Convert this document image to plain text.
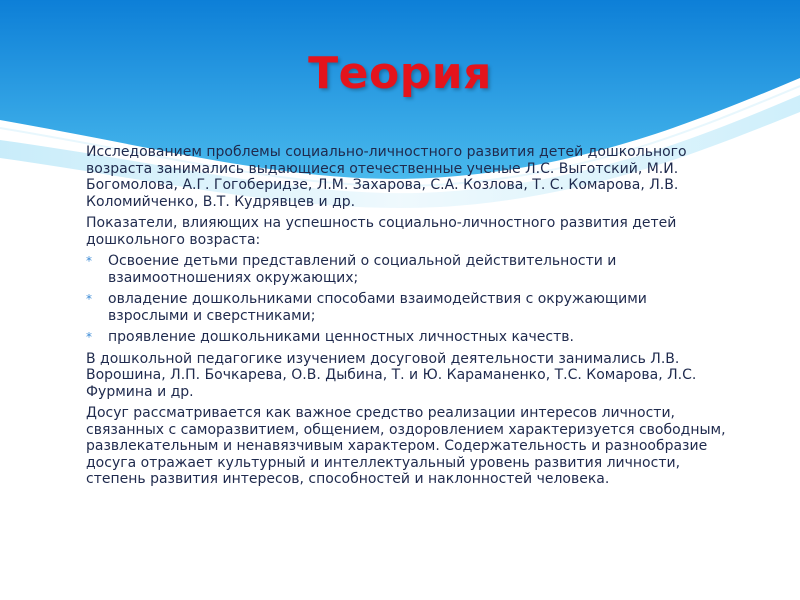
Теория

Исследованием проблемы социально-личностного развития детей дошкольного возраста занимались выдающиеся отечественные ученые Л.С. Выготский, М.И. Богомолова, А.Г. Гогоберидзе, Л.М. Захарова, С.А. Козлова, Т. С. Комарова, Л.В. Коломийченко, В.Т. Кудрявцев и др.

Показатели, влияющих на успешность социально-личностного развития детей дошкольного возраста:

* Освоение детьми представлений о социальной действительности и взаимоотношениях окружающих;
* овладение дошкольниками способами взаимодействия с окружающими взрослыми и сверстниками;
* проявление дошкольниками ценностных личностных качеств.

В дошкольной педагогике изучением досуговой деятельности занимались Л.В. Ворошина, Л.П. Бочкарева, О.В. Дыбина, Т. и Ю. Караманенко, Т.С. Комарова, Л.С. Фурмина и др.

Досуг рассматривается как важное средство реализации интересов личности, связанных с саморазвитием, общением, оздоровлением характеризуется свободным, развлекательным и ненавязчивым характером. Содержательность и разнообразие досуга отражает культурный и интеллектуальный уровень развития личности, степень развития интересов, способностей и наклонностей человека.
